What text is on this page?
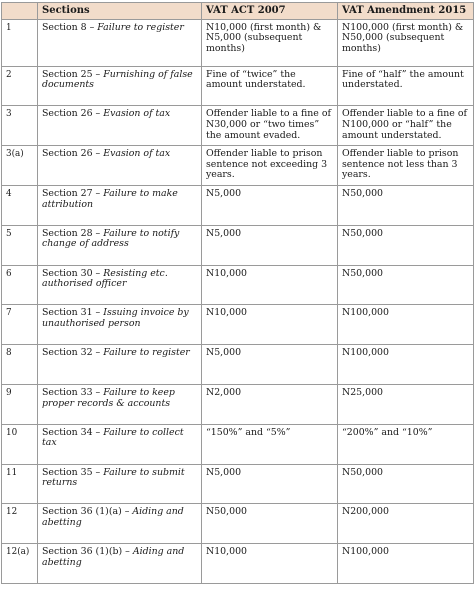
	Sections	VAT ACT 2007	VAT Amendment 2015
1	Section 8 – Failure to register	N10,000 (first month) & N5,000 (subsequent months)	N100,000 (first month) & N50,000 (subsequent months)
2	Section 25 – Furnishing of false documents	Fine of “twice” the amount understated.	Fine of “half” the amount understated.
3	Section 26 – Evasion of tax	Offender liable to a fine of N30,000 or “two times” the amount evaded.	Offender liable to a fine of N100,000 or “half” the amount understated.
3(a)	Section 26 – Evasion of tax	Offender liable to prison sentence not exceeding 3 years.	Offender liable to prison sentence not less than 3 years.
4	Section 27 – Failure to make attribution	N5,000	N50,000
5	Section 28 – Failure to notify change of address	N5,000	N50,000
6	Section 30 – Resisting etc. authorised officer	N10,000	N50,000
7	Section 31 – Issuing invoice by unauthorised person	N10,000	N100,000
8	Section 32 – Failure to register	N5,000	N100,000
9	Section 33 – Failure to keep proper records & accounts	N2,000	N25,000
10	Section 34 – Failure to collect tax	“150%” and “5%”	“200%” and “10%”
11	Section 35 – Failure to submit returns	N5,000	N50,000
12	Section 36 (1)(a) – Aiding and abetting	N50,000	N200,000
12(a)	Section 36 (1)(b) – Aiding and abetting	N10,000	N100,000
